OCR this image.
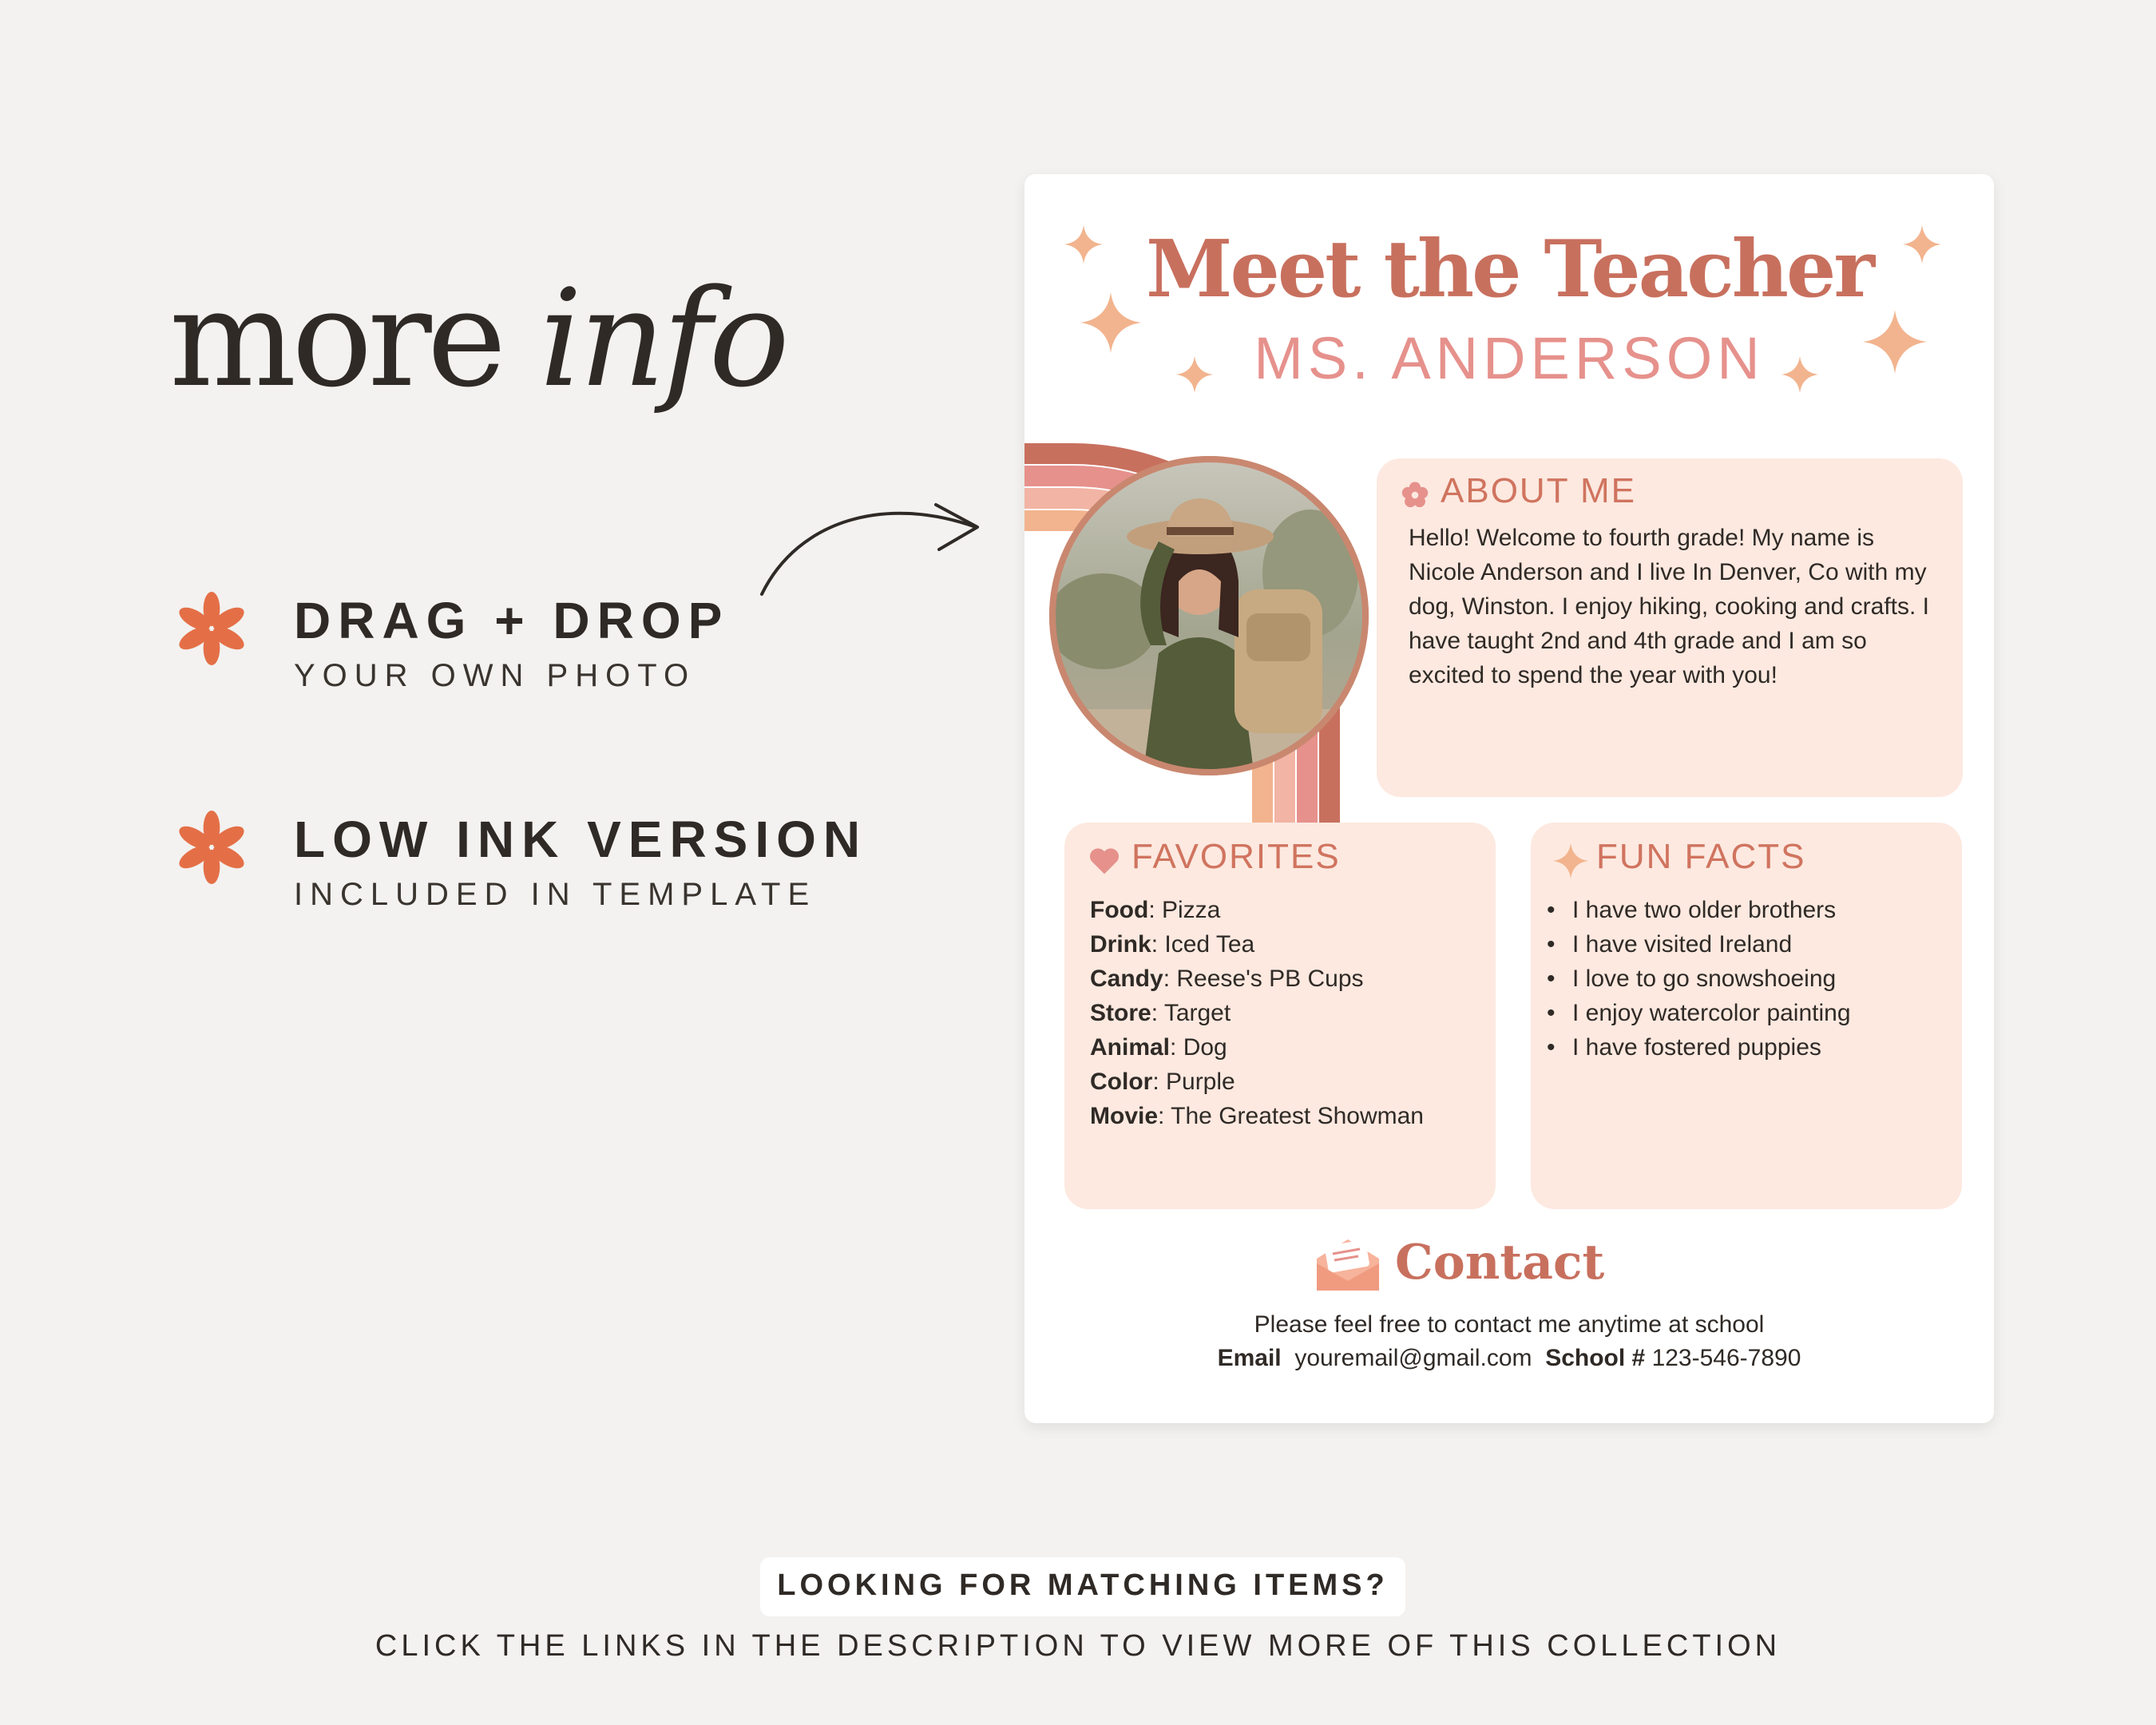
more info
DRAG + DROP
YOUR OWN PHOTO
LOW INK VERSION
INCLUDED IN TEMPLATE
Meet the Teacher
MS. ANDERSON
ABOUT ME
Hello! Welcome to fourth grade! My name is Nicole Anderson and I live In Denver, Co with my dog, Winston. I enjoy hiking, cooking and crafts. I have taught 2nd and 4th grade and I am so excited to spend the year with you!
FAVORITES
Food: Pizza
Drink: Iced Tea
Candy: Reese's PB Cups
Store: Target
Animal: Dog
Color: Purple
Movie: The Greatest Showman
FUN FACTS
• I have two older brothers
• I have visited Ireland
• I love to go snowshoeing
• I enjoy watercolor painting
• I have fostered puppies
Contact
Please feel free to contact me anytime at school
Email youremail@gmail.com School # 123-546-7890
LOOKING FOR MATCHING ITEMS?
CLICK THE LINKS IN THE DESCRIPTION TO VIEW MORE OF THIS COLLECTION
